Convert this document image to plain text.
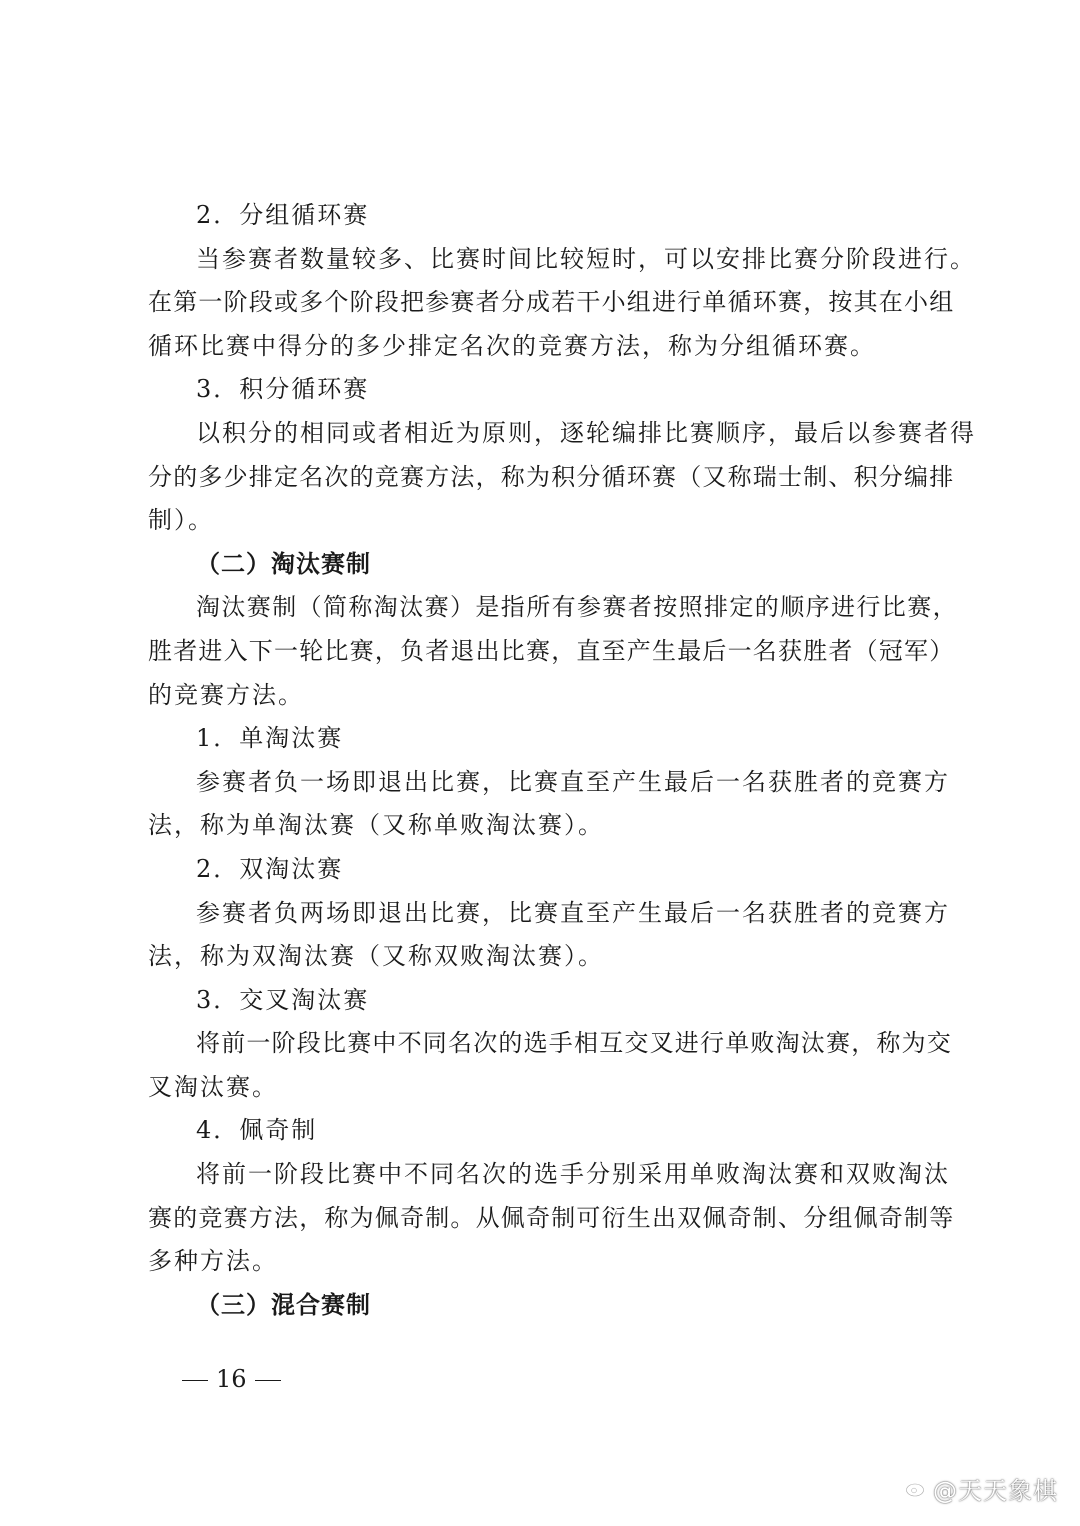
2．分组循环赛
当参赛者数量较多、比赛时间比较短时，可以安排比赛分阶段进行。
在第一阶段或多个阶段把参赛者分成若干小组进行单循环赛，按其在小组
循环比赛中得分的多少排定名次的竞赛方法，称为分组循环赛。
3．积分循环赛
以积分的相同或者相近为原则，逐轮编排比赛顺序，最后以参赛者得
分的多少排定名次的竞赛方法，称为积分循环赛（又称瑞士制、积分编排
制）。
（二）淘汰赛制
淘汰赛制（简称淘汰赛）是指所有参赛者按照排定的顺序进行比赛，
胜者进入下一轮比赛，负者退出比赛，直至产生最后一名获胜者（冠军）
的竞赛方法。
1．单淘汰赛
参赛者负一场即退出比赛，比赛直至产生最后一名获胜者的竞赛方
法，称为单淘汰赛（又称单败淘汰赛）。
2．双淘汰赛
参赛者负两场即退出比赛，比赛直至产生最后一名获胜者的竞赛方
法，称为双淘汰赛（又称双败淘汰赛）。
3．交叉淘汰赛
将前一阶段比赛中不同名次的选手相互交叉进行单败淘汰赛，称为交
叉淘汰赛。
4．佩奇制
将前一阶段比赛中不同名次的选手分别采用单败淘汰赛和双败淘汰
赛的竞赛方法，称为佩奇制。从佩奇制可衍生出双佩奇制、分组佩奇制等
多种方法。
（三）混合赛制
16
@天天象棋
